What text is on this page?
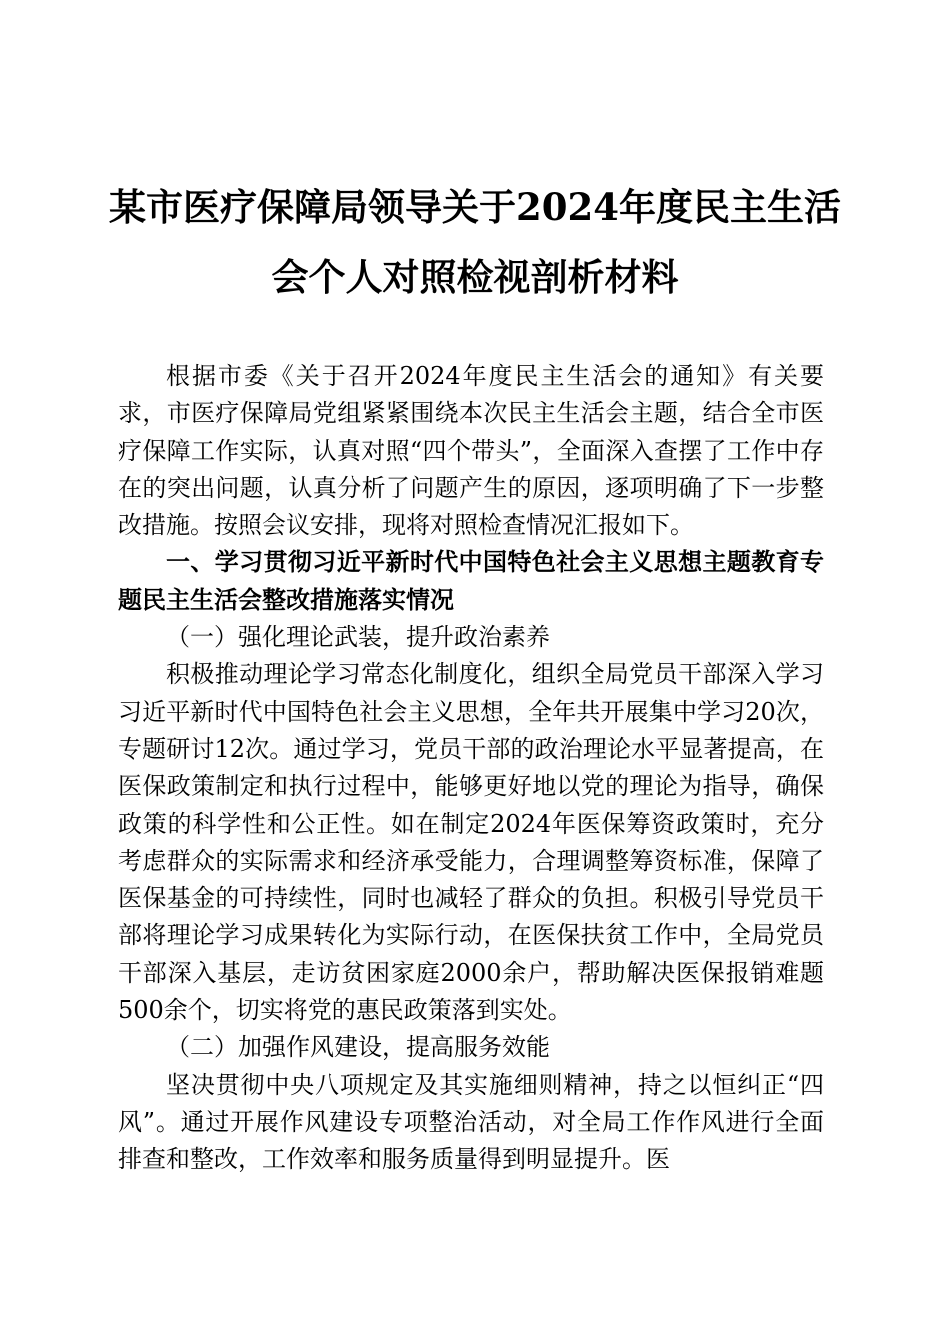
某市医疗保障局领导关于2024年度民主生活
会个人对照检视剖析材料

根据市委《关于召开2024年度民主生活会的通知》有关要求，市医疗保障局党组紧紧围绕本次民主生活会主题，结合全市医疗保障工作实际，认真对照“四个带头”，全面深入查摆了工作中存在的突出问题，认真分析了问题产生的原因，逐项明确了下一步整改措施。按照会议安排，现将对照检查情况汇报如下。

一、学习贯彻习近平新时代中国特色社会主义思想主题教育专题民主生活会整改措施落实情况

（一）强化理论武装，提升政治素养

积极推动理论学习常态化制度化，组织全局党员干部深入学习习近平新时代中国特色社会主义思想，全年共开展集中学习20次，专题研讨12次。通过学习，党员干部的政治理论水平显著提高，在医保政策制定和执行过程中，能够更好地以党的理论为指导，确保政策的科学性和公正性。如在制定2024年医保筹资政策时，充分考虑群众的实际需求和经济承受能力，合理调整筹资标准，保障了医保基金的可持续性，同时也减轻了群众的负担。积极引导党员干部将理论学习成果转化为实际行动，在医保扶贫工作中，全局党员干部深入基层，走访贫困家庭2000余户，帮助解决医保报销难题500余个，切实将党的惠民政策落到实处。

（二）加强作风建设，提高服务效能

坚决贯彻中央八项规定及其实施细则精神，持之以恒纠正“四风”。通过开展作风建设专项整治活动，对全局工作作风进行全面排查和整改，工作效率和服务质量得到明显提升。医
